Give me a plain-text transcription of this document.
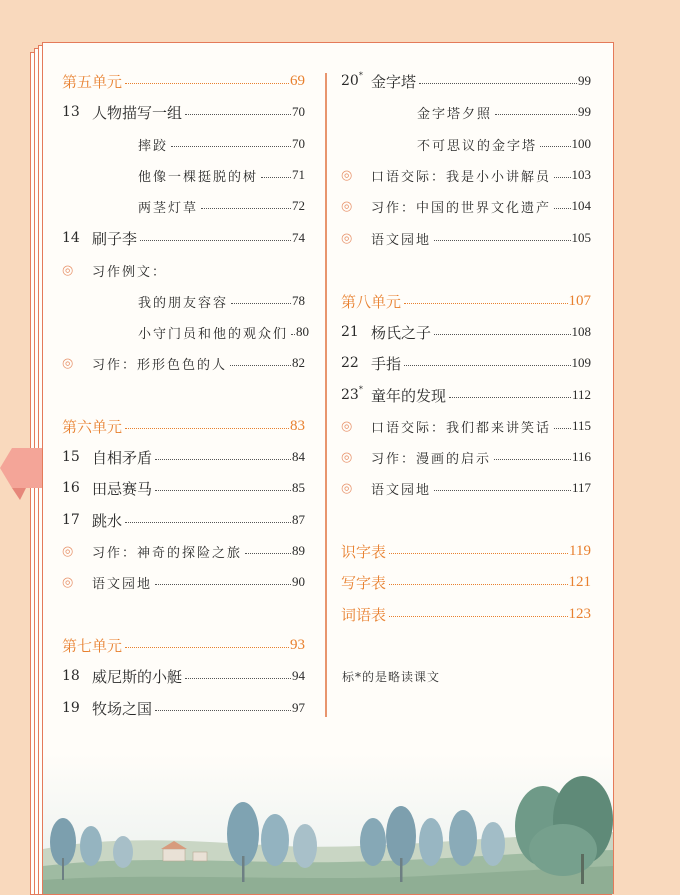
第五单元	69
13 人物描写一组	70
摔跤	70
他像一棵挺脱的树	71
两茎灯草	72
14 刷子李	74
◎	习作例文：
我的朋友容容	78
小守门员和他的观众们 80
◎	习作：形形色色的人	82
第六单元	83
15 自相矛盾	84
16 田忌赛马	85
17 跳水	87
◎	习作：神奇的探险之旅	89
◎	语文园地	90
第七单元	93
18 威尼斯的小艇	94
19 牧场之国	97
20* 金字塔	99
金字塔夕照	99
不可思议的金字塔	100
◎	口语交际：我是小小讲解员 103
◎	习作：中国的世界文化遗产 104
◎	语文园地	105
第八单元	107
21 杨氏之子	108
22 手指	109
23* 童年的发现	112
◎	口语交际：我们都来讲笑话 115
◎	习作：漫画的启示	116
◎	语文园地	117
识字表	119
写字表	121
词语表	123
标*的是略读课文
